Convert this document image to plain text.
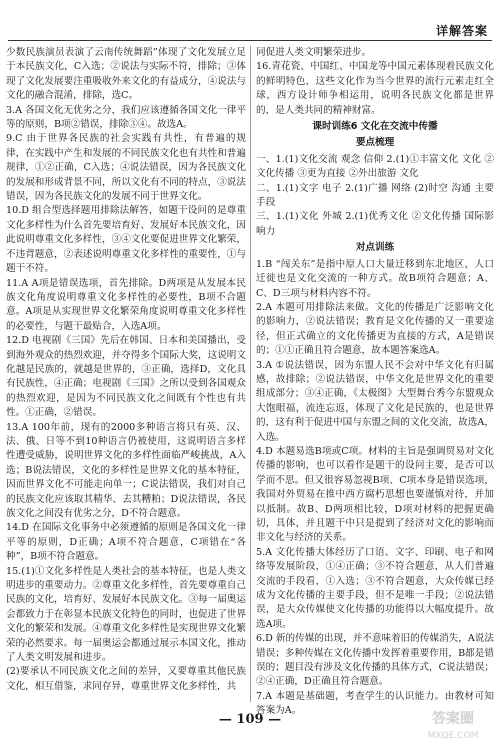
详解答案

少数民族演员表演了云南传统舞蹈”体现了文化发展立足于本民族文化，C入选；②说法与实际不符，排除；③体现了文化发展要注重吸收外来文化的有益成分，④说法与文化的融合混淆，排除，选C。

3.A 各国文化无优劣之分，我们应该遵循各国文化一律平等的原则，B项②错误，排除③④。故选A。

9.C 由于世界各民族的社会实践有共性，有普遍的规律，在实践中产生和发展的不同民族文化也有共性和普遍规律，①②正确，C入选；④说法错误，因为各民族文化的发展和形成背景不同，所以文化有不同的特点，③说法错误，因为各民族文化的发展不同于世界文化。

10.D 组合型选择题用排除法解答，如题干设问的是尊重文化多样性为什么首先要培育好、发展好本民族文化，因此说明尊重文化多样性，③④文化要促进世界文化繁荣，不违背题意，②表述说明尊重文化多样性的重要性，①与题干不符。

11.A A项是错误选项，首先排除。D两项是从发展本民族文化角度说明尊重文化多样性的必要性，B项不合题意。A项是从实现世界文化繁荣角度说明尊重文化多样性的必要性，与题干最贴合，入选A项。

12.D 电视剧《三国》先后在韩国、日本和美国播出，受到海外观众的热烈欢迎，并夺得多个国际大奖，这说明文化越是民族的，就越是世界的，③正确，选择D，文化具有民族性，④正确；电视剧《三国》之所以受到各国观众的热烈欢迎，是因为不同民族文化之间既有个性也有共性。①正确，②错误。

13.A 100年前，现有的2000多种语言将只有英、汉、法、俄、日等不到10种语言仍被使用，这说明语言多样性遭受威胁，说明世界文化的多样性面临严峻挑战，A入选；B说法错误，文化的多样性是世界文化的基本特征，因而世界文化不可能走向单一；C说法错误，我们对自己的民族文化应该取其精华、去其糟粕；D说法错误，各民族文化之间没有优劣之分，D不符合题意。

14.D 在国际文化事务中必须遵循的原则是各国文化一律平等的原则，D正确；A项不符合题意，C项错在“各种”，B项不符合题意。

15.(1)①文化多样性是人类社会的基本特征，也是人类文明进步的重要动力。②尊重文化多样性，首先要尊重自己民族的文化，培育好、发展好本民族文化。③每一届奥运会都致力于在彰显本民族文化特色的同时，也促进了世界文化的繁荣和发展。④尊重文化多样性是实现世界文化繁荣的必然要求。每一届奥运会都通过展示本国文化，推动了人类文明发展和进步。

(2)要承认不同民族文化之间的差异，又要尊重其他民族文化，相互借鉴，求同存异，尊重世界文化多样性，共

同促进人类文明繁荣进步。

16.青花瓷、中国红、中国龙等中国元素体现着民族文化的鲜明特色，这些文化作为当今世界的流行元素走红全球，西方设计师争相运用，说明各民族文化都是世界的，是人类共同的精神财富。

课时训练6 文化在交流中传播
要点梳理

一、1.(1)文化交流 观念 信仰 2.(1)①丰富文化 文化 ②文化传播 ③更为直接 ②外出旅游 文化

二、1.(1)文字 电子 2.(1)广播 网络 (2)时空 沟通 主要手段

三、1.(1)文化 外城 2.(1)优秀文化 ②文化传播 国际影响力

对点训练

1.B “闯关东”是指中原人口大量迁移到东北地区，人口迁徙也是文化交流的一种方式。故B项符合题意；A、C、D三项与材料内容不符。

2.A 本题可用排除法来做。文化的传播是广泛影响文化的影响力，②说法错误；教育是文化传播的又一重要途径，但正式确立的文化传播更为直接的方式，A是错误的；①①正确且符合题意，故本题答案选A。

3.A ①说法错误，因为东盟人民不会对中华文化有归属感，故排除；②说法错误，中华文化是世界文化的重要组成部分；③④正确，《太极图》大型舞台秀今东盟观众大饱眼福，流连忘返，体现了文化是民族的，也是世界的，这有利于促进中国与东盟之间的文化交流，故选A，入选。

4.D 本题易选B项或C项。材料的主旨是强调贸易对文化传播的影响，也可以看作是题干的设问主要，是否可以学而不思。但又很容易忽视B项、C项本身是错误选项，我国对外贸易在推中西方腐朽思想也要谨慎对待，并加以抵制。故B、D两项相比较，D项对材料的把握更确切，具体，并且题干中只是提到了经济对文化的影响而非文化与经济的关系。

5.A 文化传播大体经历了口语、文字、印刷、电子和网络等发展阶段，①④正确；③不符合题意，从人们普遍交流的手段看，①入选；③不符合题意，大众传媒已经成为文化传播的主要手段，但不是唯一手段；②说法错误，是大众传媒使文化传播的功能得以大幅度提升。故选A项。

6.D 新的传媒的出现，并不意味着旧的传媒消失，A说法错误；多种传媒在文化传播中发挥着重要作用，B都是错误的；题目没有涉及文化传播的具体方式，C说法错误；②④正确，D正确且符合题意。

7.A 本题是基础题，考查学生的认识能力。由教材可知答案为A。

— 109 —	答案圈
MXQE.COM
